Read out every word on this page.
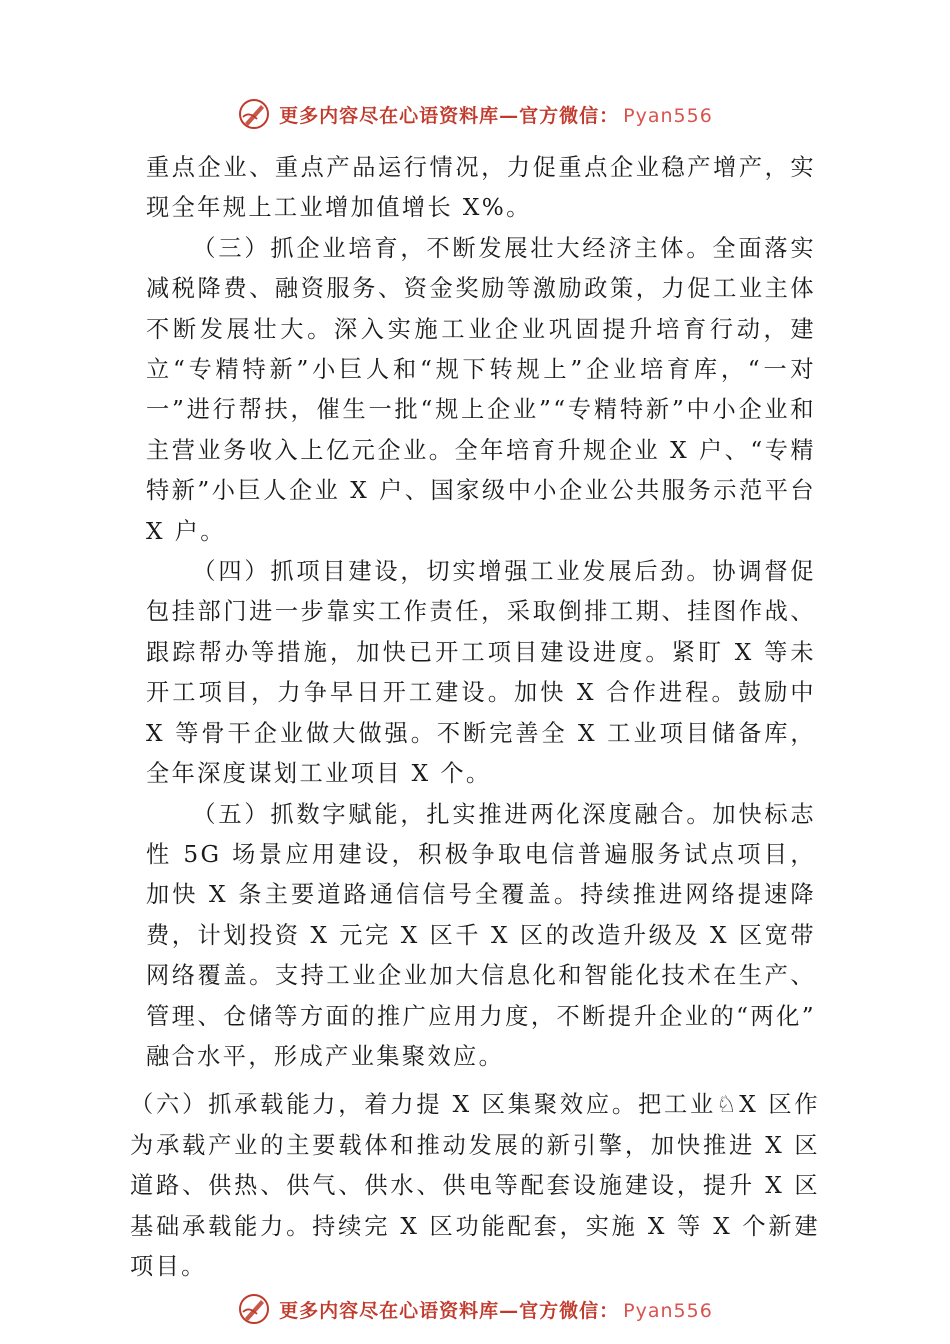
更多内容尽在心语资料库—官方微信： Pyan556

重点企业、重点产品运行情况，力促重点企业稳产增产，实现全年规上工业增加值增长 X%。

（三）抓企业培育，不断发展壮大经济主体。全面落实减税降费、融资服务、资金奖励等激励政策，力促工业主体不断发展壮大。深入实施工业企业巩固提升培育行动，建立“专精特新”小巨人和“规下转规上”企业培育库，“一对一”进行帮扶，催生一批“规上企业”“专精特新”中小企业和主营业务收入上亿元企业。全年培育升规企业 X 户、“专精特新”小巨人企业 X 户、国家级中小企业公共服务示范平台 X 户。

（四）抓项目建设，切实增强工业发展后劲。协调督促包挂部门进一步靠实工作责任，采取倒排工期、挂图作战、 跟踪帮办等措施，加快已开工项目建设进度。紧盯 X 等未开工项目，力争早日开工建设。加快 X 合作进程。鼓励中 X 等骨干企业做大做强。不断完善全 X 工业项目储备库，全年深度谋划工业项目 X 个。

（五）抓数字赋能，扎实推进两化深度融合。加快标志性 5G 场景应用建设，积极争取电信普遍服务试点项目，加快 X 条主要道路通信信号全覆盖。持续推进网络提速降费，计划投资 X 元完 X 区千 X 区的改造升级及 X 区宽带网络覆盖。支持工业企业加大信息化和智能化技术在生产、 管理、仓储等方面的推广应用力度，不断提升企业的“两化” 融合水平，形成产业集聚效应。

（六）抓承载能力，着力提 X 区集聚效应。把工业♘X 区作为承载产业的主要载体和推动发展的新引擎，加快推进 X 区道路、供热、供气、供水、供电等配套设施建设，提升 X 区基础承载能力。持续完 X 区功能配套，实施 X 等 X 个新建项目。

更多内容尽在心语资料库—官方微信： Pyan556
